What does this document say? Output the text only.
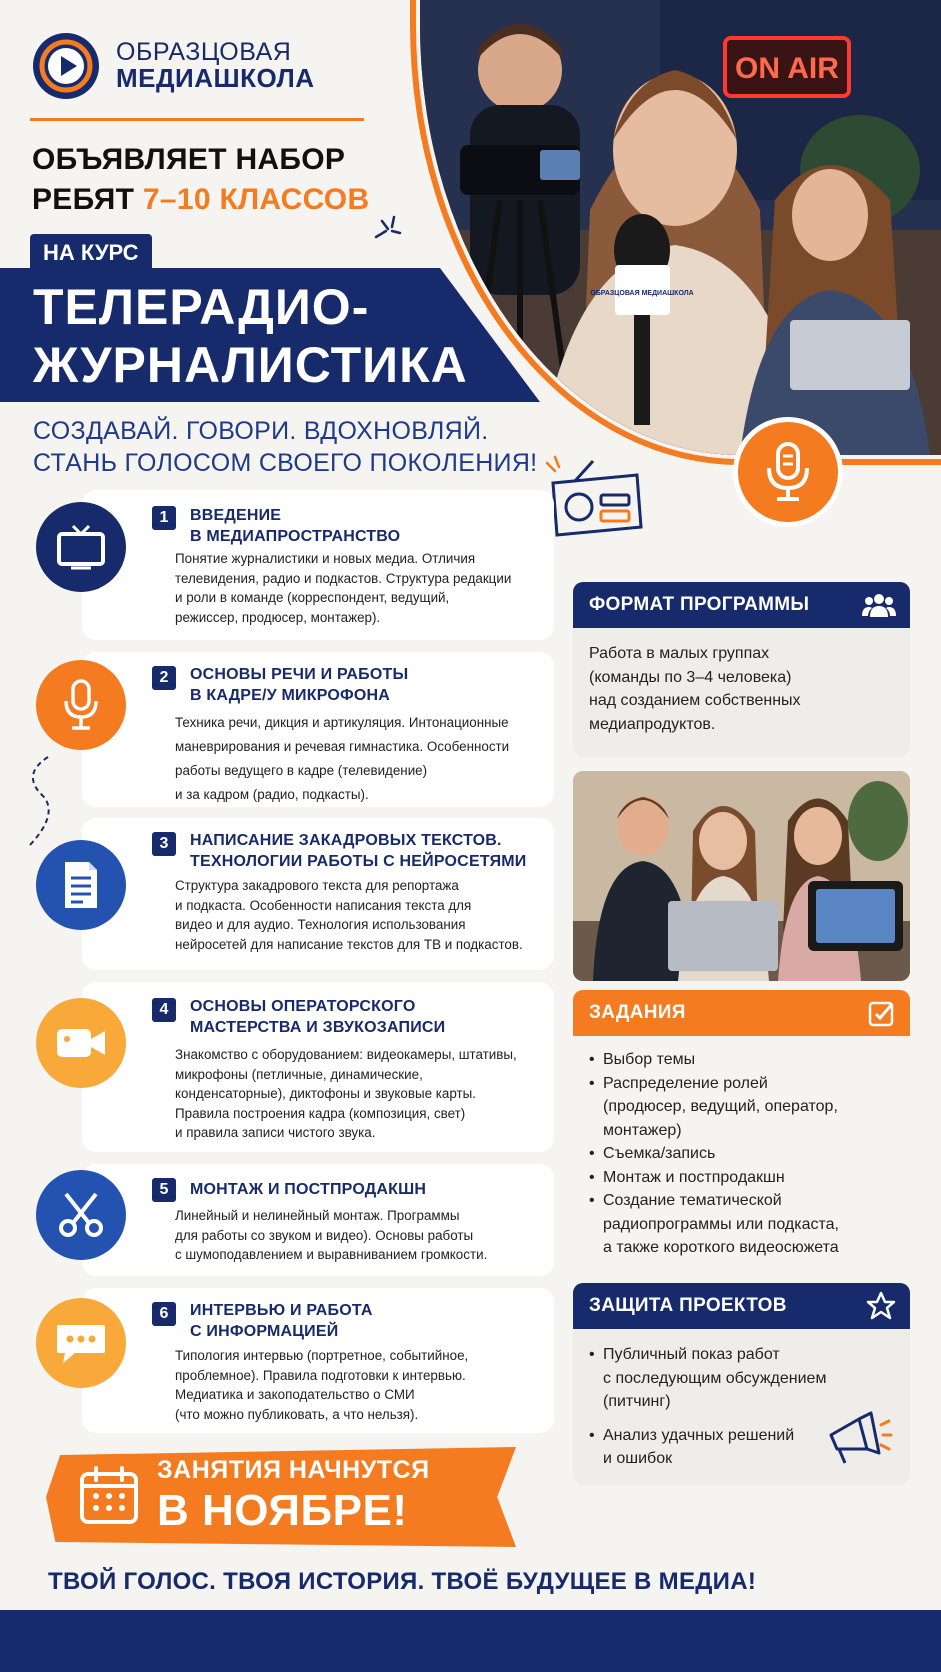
ОБРАЗЦОВАЯ
МЕДИАШКОЛА
ОБЪЯВЛЯЕТ НАБОР
РЕБЯТ 7–10 КЛАССОВ
НА КУРС
ТЕЛЕРАДИО-
ЖУРНАЛИСТИКА
СОЗДАВАЙ. ГОВОРИ. ВДОХНОВЛЯЙ.
СТАНЬ ГОЛОСОМ СВОЕГО ПОКОЛЕНИЯ!
ON AIR
ОБРАЗЦОВАЯ МЕДИАШКОЛА
1	ВВЕДЕНИЕ
В МЕДИАПРОСТРАНСТВО
Понятие журналистики и новых медиа. Отличия
телевидения, радио и подкастов. Структура редакции
и роли в команде (корреспондент, ведущий,
режиссер, продюсер, монтажер).
2	ОСНОВЫ РЕЧИ И РАБОТЫ
В КАДРЕ/У МИКРОФОНА
Техника речи, дикция и артикуляция. Интонационные
маневрирования и речевая гимнастика. Особенности
работы ведущего в кадре (телевидение)
и за кадром (радио, подкасты).
3	НАПИСАНИЕ ЗАКАДРОВЫХ ТЕКСТОВ.
ТЕХНОЛОГИИ РАБОТЫ С НЕЙРОСЕТЯМИ
Структура закадрового текста для репортажа
и подкаста. Особенности написания текста для
видео и для аудио. Технология использования
нейросетей для написание текстов для ТВ и подкастов.
4	ОСНОВЫ ОПЕРАТОРСКОГО
МАСТЕРСТВА И ЗВУКОЗАПИСИ
Знакомство с оборудованием: видеокамеры, штативы,
микрофоны (петличные, динамические,
конденсаторные), диктофоны и звуковые карты.
Правила построения кадра (композиция, свет)
и правила записи чистого звука.
5	МОНТАЖ И ПОСТПРОДАКШН
Линейный и нелинейный монтаж. Программы
для работы со звуком и видео). Основы работы
с шумоподавлением и выравниванием громкости.
6	ИНТЕРВЬЮ И РАБОТА
С ИНФОРМАЦИЕЙ
Типология интервью (портретное, событийное,
проблемное). Правила подготовки к интервью.
Медиатика и закоподательство о СМИ
(что можно публиковать, а что нельзя).
ФОРМАТ ПРОГРАММЫ
Работа в малых группах
(команды по 3–4 человека)
над созданием собственных
медиапродуктов.
ЗАДАНИЯ
• Выбор темы
• Распределение ролей
(продюсер, ведущий, оператор,
монтажер)
• Съемка/запись
• Монтаж и постпродакшн
• Создание тематической
радиопрограммы или подкаста,
а также короткого видеосюжета
ЗАЩИТА ПРОЕКТОВ
• Публичный показ работ
с последующим обсуждением
(питчинг)
• Анализ удачных решений
и ошибок
ЗАНЯТИЯ НАЧНУТСЯ
В НОЯБРЕ!
ТВОЙ ГОЛОС. ТВОЯ ИСТОРИЯ. ТВОЁ БУДУЩЕЕ В МЕДИА!
